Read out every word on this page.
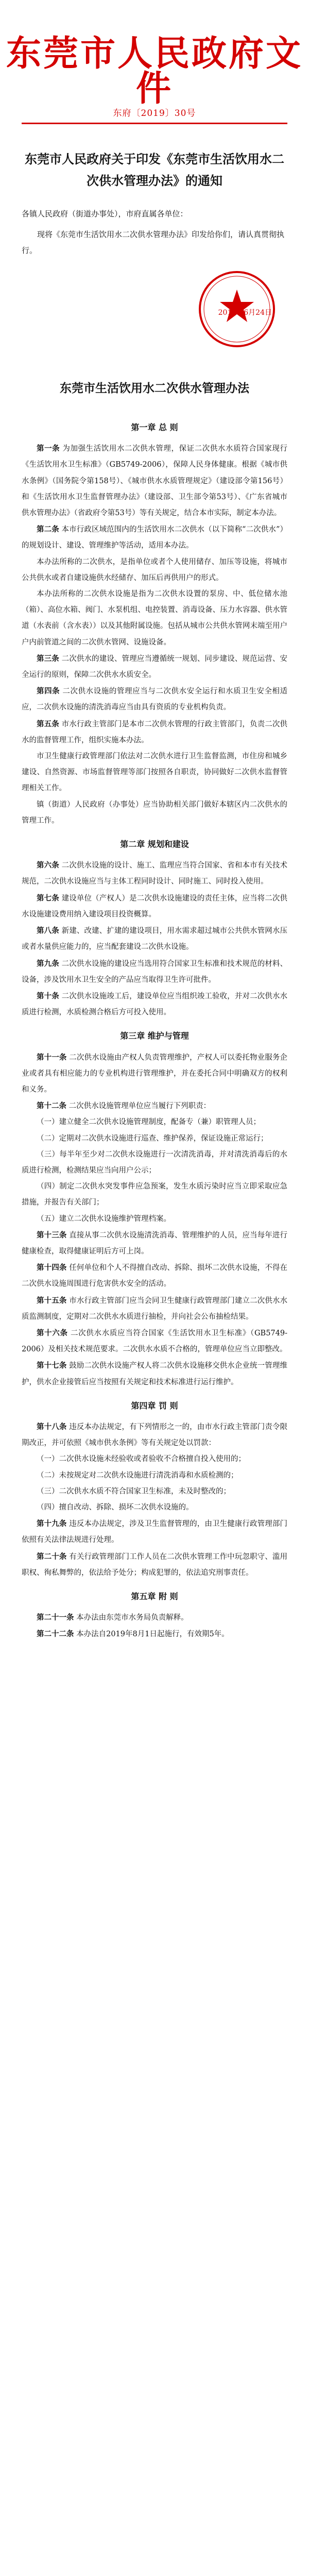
东莞市人民政府文件
东府〔2019〕30号
东莞市人民政府关于印发《东莞市生活饮用水二次供水管理办法》的通知
各镇人民政府（街道办事处），市府直属各单位：
现将《东莞市生活饮用水二次供水管理办法》印发给你们，请认真贯彻执行。
2019年6月24日
东莞市生活饮用水二次供水管理办法

第一章 总 则

第一条 为加强生活饮用水二次供水管理，保证二次供水水质符合国家现行《生活饮用水卫生标准》（GB5749-2006），保障人民身体健康。根据《城市供水条例》（国务院令第158号）、《城市供水水质管理规定》（建设部令第156号）和《生活饮用水卫生监督管理办法》（建设部、卫生部令第53号）、《广东省城市供水管理办法》（省政府令第53号）等有关规定，结合本市实际，制定本办法。

第二条 本市行政区域范围内的生活饮用水二次供水（以下简称“二次供水”）的规划设计、建设、管理维护等活动，适用本办法。

本办法所称的二次供水，是指单位或者个人使用储存、加压等设施，将城市公共供水或者自建设施供水经储存、加压后再供用户的形式。

本办法所称的二次供水设施是指为二次供水设置的泵房、中、低位储水池（箱）、高位水箱、阀门、水泵机组、电控装置、消毒设备、压力水容器、供水管道（水表前（含水表））以及其他附属设施。包括从城市公共供水管网末端至用户户内前管道之间的二次供水管网、设施设备。

第三条 二次供水的建设、管理应当遵循统一规划、同步建设、规范运营、安全运行的原则，保障二次供水水质安全。

第四条 二次供水设施的管理应当与二次供水安全运行和水质卫生安全相适应，二次供水设施的清洗消毒应当由具有资质的专业机构负责。

第五条 市水行政主管部门是本市二次供水管理的行政主管部门，负责二次供水的监督管理工作，组织实施本办法。

市卫生健康行政管理部门依法对二次供水进行卫生监督监测，市住房和城乡建设、自然资源、市场监督管理等部门按照各自职责，协同做好二次供水监督管理相关工作。

镇（街道）人民政府（办事处）应当协助相关部门做好本辖区内二次供水的管理工作。

第二章 规划和建设

第六条 二次供水设施的设计、施工、监理应当符合国家、省和本市有关技术规范，二次供水设施应当与主体工程同时设计、同时施工、同时投入使用。

第七条 建设单位（产权人）是二次供水设施建设的责任主体，应当将二次供水设施建设费用纳入建设项目投资概算。

第八条 新建、改建、扩建的建设项目，用水需求超过城市公共供水管网水压或者水量供应能力的，应当配套建设二次供水设施。

第九条 二次供水设施的建设应当选用符合国家卫生标准和技术规范的材料、设备，涉及饮用水卫生安全的产品应当取得卫生许可批件。

第十条 二次供水设施竣工后，建设单位应当组织竣工验收，并对二次供水水质进行检测，水质检测合格后方可投入使用。

第三章 维护与管理

第十一条 二次供水设施由产权人负责管理维护，产权人可以委托物业服务企业或者具有相应能力的专业机构进行管理维护，并在委托合同中明确双方的权利和义务。

第十二条 二次供水设施管理单位应当履行下列职责：

（一）建立健全二次供水设施管理制度，配备专（兼）职管理人员；

（二）定期对二次供水设施进行巡查、维护保养，保证设施正常运行；

（三）每半年至少对二次供水设施进行一次清洗消毒，并对清洗消毒后的水质进行检测，检测结果应当向用户公示；

（四）制定二次供水突发事件应急预案，发生水质污染时应当立即采取应急措施，并报告有关部门；

（五）建立二次供水设施维护管理档案。

第十三条 直接从事二次供水设施清洗消毒、管理维护的人员，应当每年进行健康检查，取得健康证明后方可上岗。

第十四条 任何单位和个人不得擅自改动、拆除、损坏二次供水设施，不得在二次供水设施周围进行危害供水安全的活动。

第十五条 市水行政主管部门应当会同卫生健康行政管理部门建立二次供水水质监测制度，定期对二次供水水质进行抽检，并向社会公布抽检结果。

第十六条 二次供水水质应当符合国家《生活饮用水卫生标准》（GB5749-2006）及相关技术规范要求。二次供水水质不合格的，管理单位应当立即整改。

第十七条 鼓励二次供水设施产权人将二次供水设施移交供水企业统一管理维护，供水企业接管后应当按照有关规定和技术标准进行运行维护。

第四章 罚 则

第十八条 违反本办法规定，有下列情形之一的，由市水行政主管部门责令限期改正，并可依照《城市供水条例》等有关规定处以罚款：

（一）二次供水设施未经验收或者验收不合格擅自投入使用的；

（二）未按规定对二次供水设施进行清洗消毒和水质检测的；

（三）二次供水水质不符合国家卫生标准，未及时整改的；

（四）擅自改动、拆除、损坏二次供水设施的。

第十九条 违反本办法规定，涉及卫生监督管理的，由卫生健康行政管理部门依照有关法律法规进行处理。

第二十条 有关行政管理部门工作人员在二次供水管理工作中玩忽职守、滥用职权、徇私舞弊的，依法给予处分；构成犯罪的，依法追究刑事责任。

第五章 附 则

第二十一条 本办法由东莞市水务局负责解释。

第二十二条 本办法自2019年8月1日起施行，有效期5年。
